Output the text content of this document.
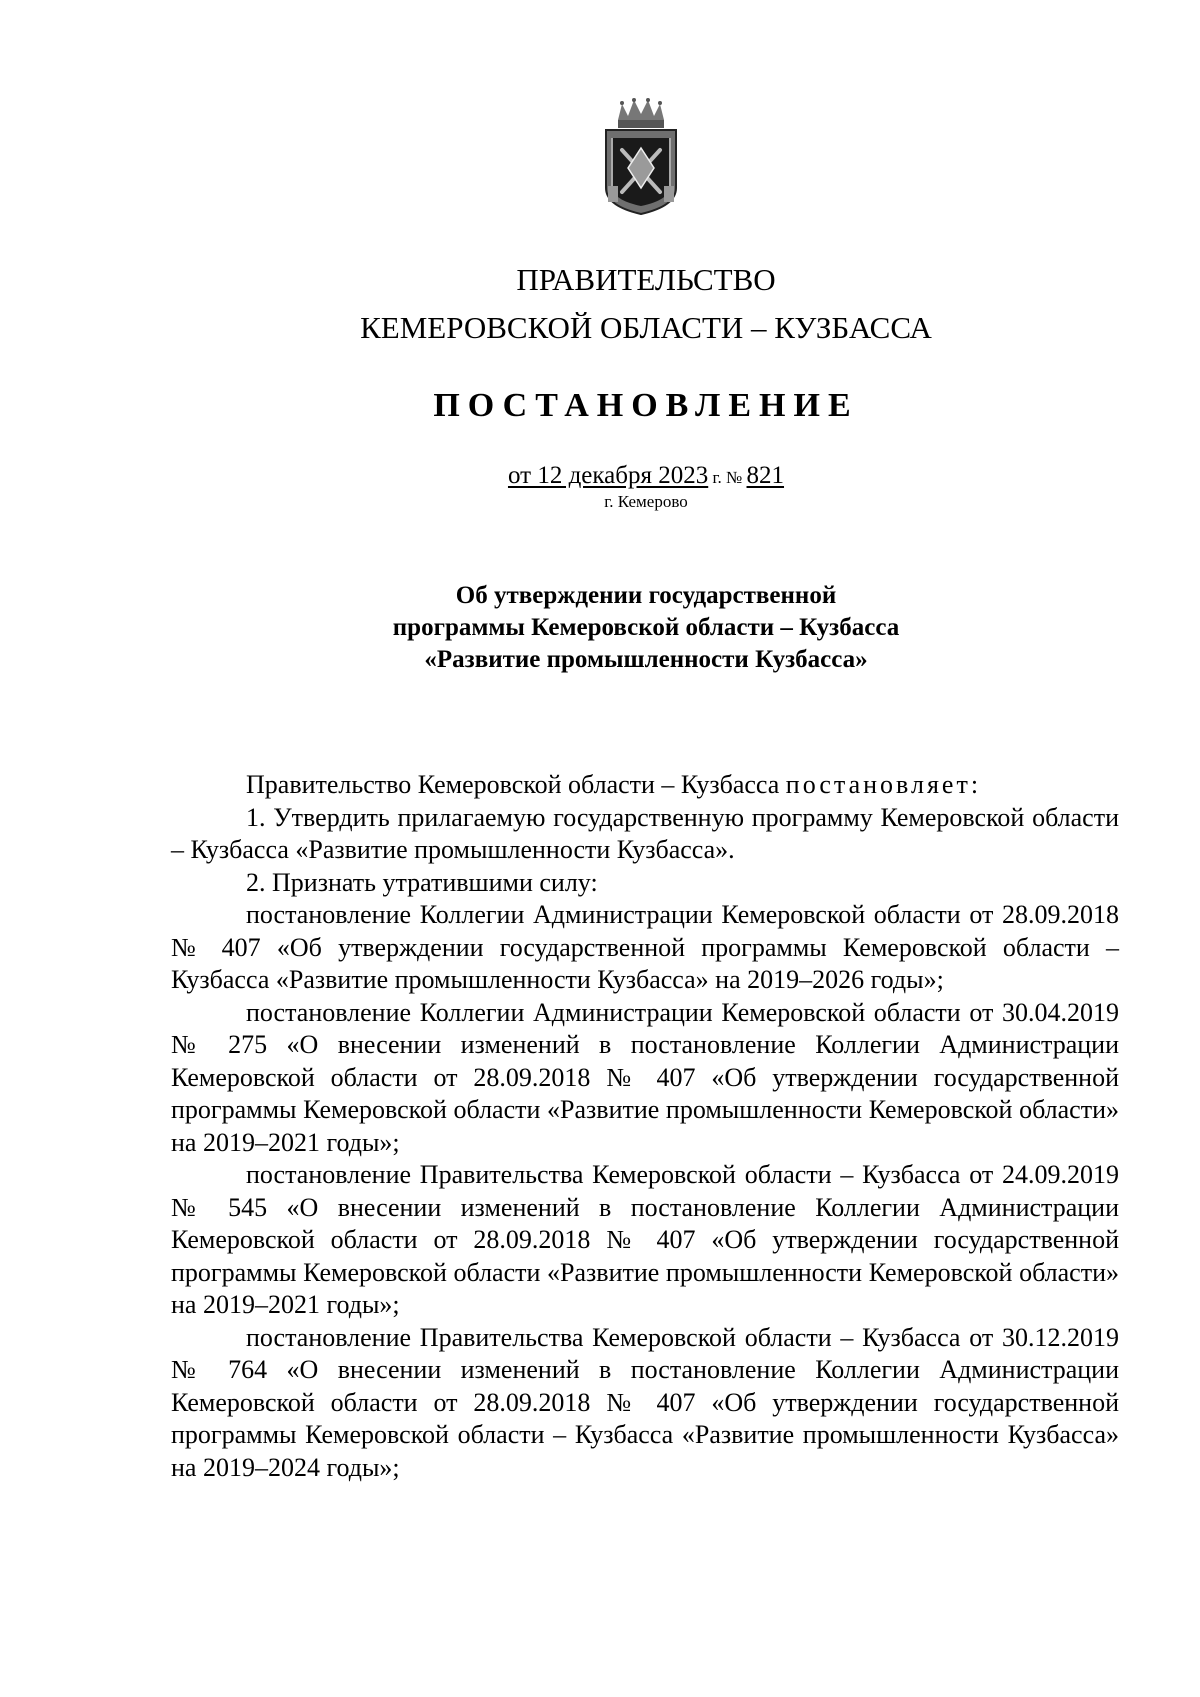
ПРАВИТЕЛЬСТВО
КЕМЕРОВСКОЙ ОБЛАСТИ – КУЗБАССА
ПОСТАНОВЛЕНИЕ
от 12 декабря 2023 г. № 821
г. Кемерово
Об утверждении государственной
программы Кемеровской области – Кузбасса
«Развитие промышленности Кузбасса»

Правительство Кемеровской области – Кузбасса постановляет:

1. Утвердить прилагаемую государственную программу Кемеровской области – Кузбасса «Развитие промышленности Кузбасса».

2. Признать утратившими силу:

постановление Коллегии Администрации Кемеровской области от 28.09.2018 № 407 «Об утверждении государственной программы Кемеровской области – Кузбасса «Развитие промышленности Кузбасса» на 2019–2026 годы»;

постановление Коллегии Администрации Кемеровской области от 30.04.2019 № 275 «О внесении изменений в постановление Коллегии Администрации Кемеровской области от 28.09.2018 № 407 «Об утверждении государственной программы Кемеровской области «Развитие промышленности Кемеровской области» на 2019–2021 годы»;

постановление Правительства Кемеровской области – Кузбасса от 24.09.2019 № 545 «О внесении изменений в постановление Коллегии Администрации Кемеровской области от 28.09.2018 № 407 «Об утверждении государственной программы Кемеровской области «Развитие промышленности Кемеровской области» на 2019–2021 годы»;

постановление Правительства Кемеровской области – Кузбасса от 30.12.2019 № 764 «О внесении изменений в постановление Коллегии Администрации Кемеровской области от 28.09.2018 № 407 «Об утверждении государственной программы Кемеровской области – Кузбасса «Развитие промышленности Кузбасса» на 2019–2024 годы»;
